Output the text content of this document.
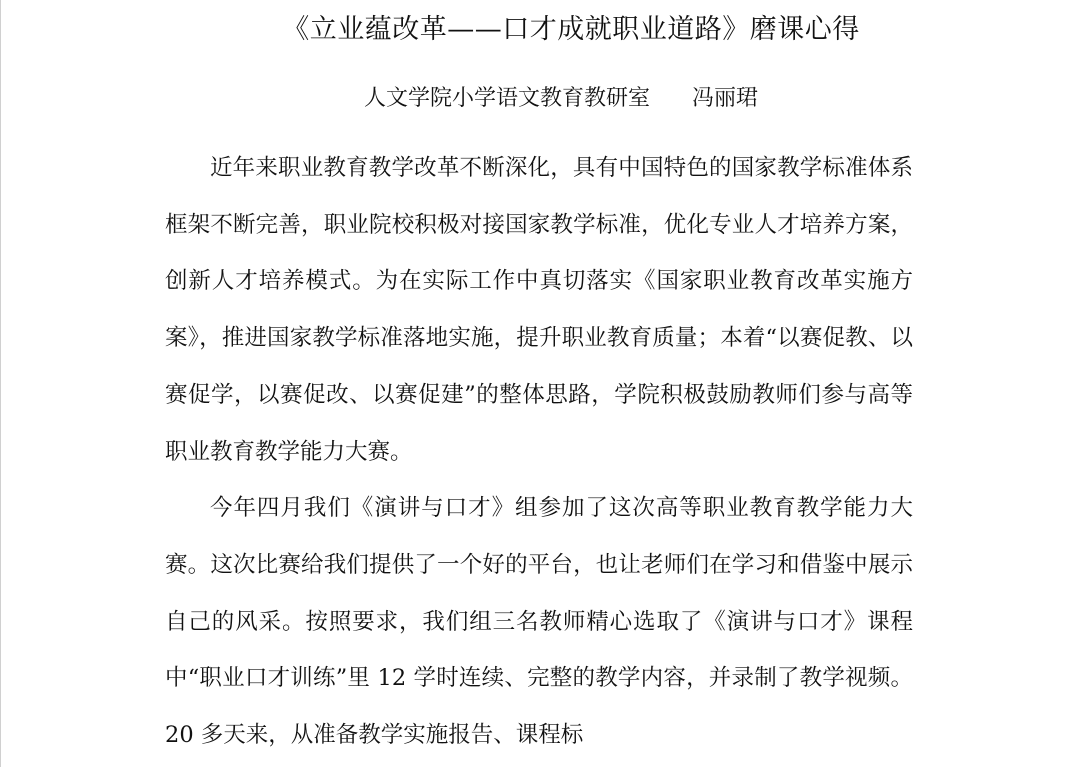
《立业蕴改革——口才成就职业道路》磨课心得
人文学院小学语文教育教研室      冯丽珺

近年来职业教育教学改革不断深化，具有中国特色的国家教学标准体系框架不断完善，职业院校积极对接国家教学标准，优化专业人才培养方案，创新人才培养模式。为在实际工作中真切落实《国家职业教育改革实施方案》，推进国家教学标准落地实施，提升职业教育质量；本着“以赛促教、以赛促学，以赛促改、以赛促建”的整体思路，学院积极鼓励教师们参与高等职业教育教学能力大赛。

今年四月我们《演讲与口才》组参加了这次高等职业教育教学能力大赛。这次比赛给我们提供了一个好的平台，也让老师们在学习和借鉴中展示自己的风采。按照要求，我们组三名教师精心选取了《演讲与口才》课程中“职业口才训练”里 12 学时连续、完整的教学内容，并录制了教学视频。20 多天来，从准备教学实施报告、课程标
